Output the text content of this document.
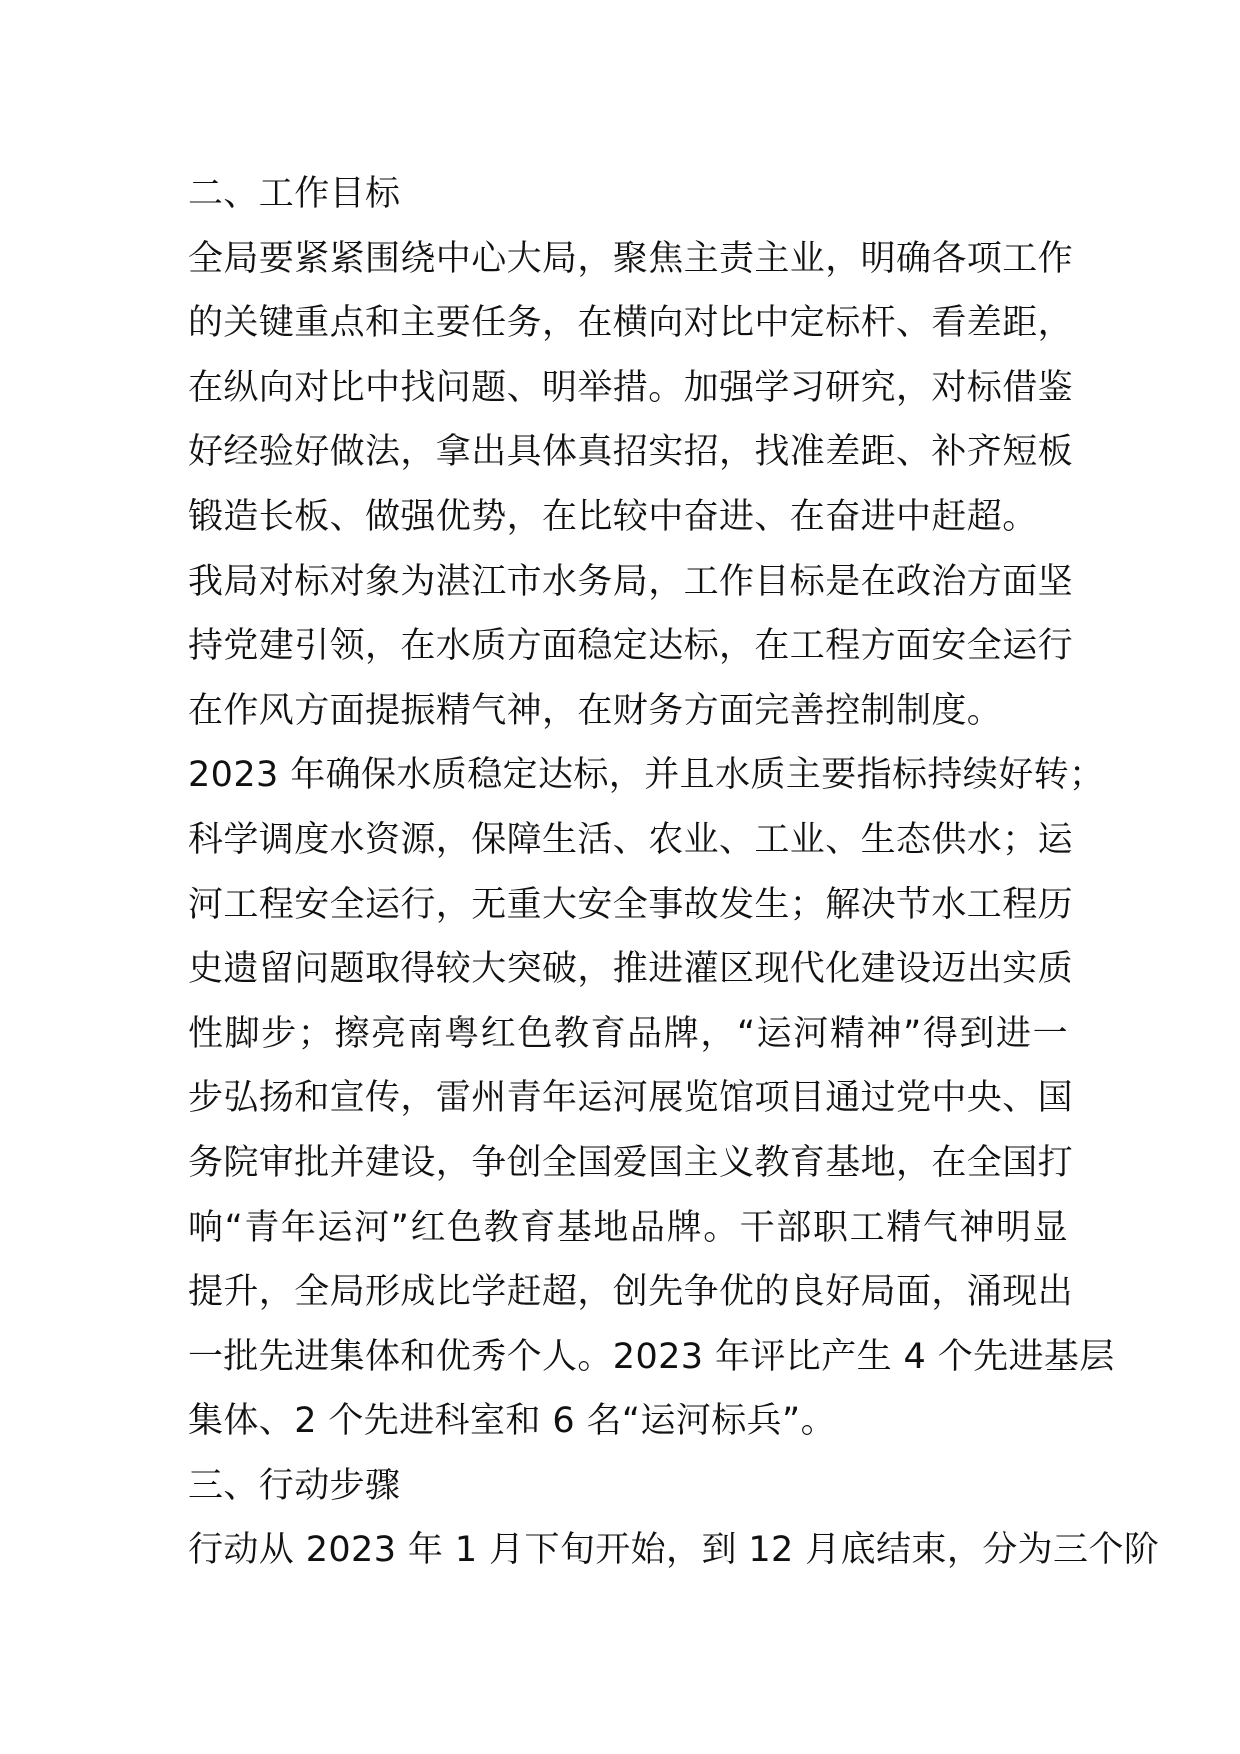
二、工作目标
全局要紧紧围绕中心大局，聚焦主责主业，明确各项工作
的关键重点和主要任务，在横向对比中定标杆、看差距，
在纵向对比中找问题、明举措。加强学习研究，对标借鉴
好经验好做法，拿出具体真招实招，找准差距、补齐短板
锻造长板、做强优势，在比较中奋进、在奋进中赶超。
我局对标对象为湛江市水务局，工作目标是在政治方面坚
持党建引领，在水质方面稳定达标，在工程方面安全运行
在作风方面提振精气神，在财务方面完善控制制度。
2023 年确保水质稳定达标，并且水质主要指标持续好转；
科学调度水资源，保障生活、农业、工业、生态供水；运
河工程安全运行，无重大安全事故发生；解决节水工程历
史遗留问题取得较大突破，推进灌区现代化建设迈出实质
性脚步；擦亮南粤红色教育品牌，“运河精神”得到进一
步弘扬和宣传，雷州青年运河展览馆项目通过党中央、国
务院审批并建设，争创全国爱国主义教育基地，在全国打
响“青年运河”红色教育基地品牌。干部职工精气神明显
提升，全局形成比学赶超，创先争优的良好局面，涌现出
一批先进集体和优秀个人。2023 年评比产生 4 个先进基层
集体、2 个先进科室和 6 名“运河标兵”。
三、行动步骤
行动从 2023 年 1 月下旬开始，到 12 月底结束，分为三个阶
